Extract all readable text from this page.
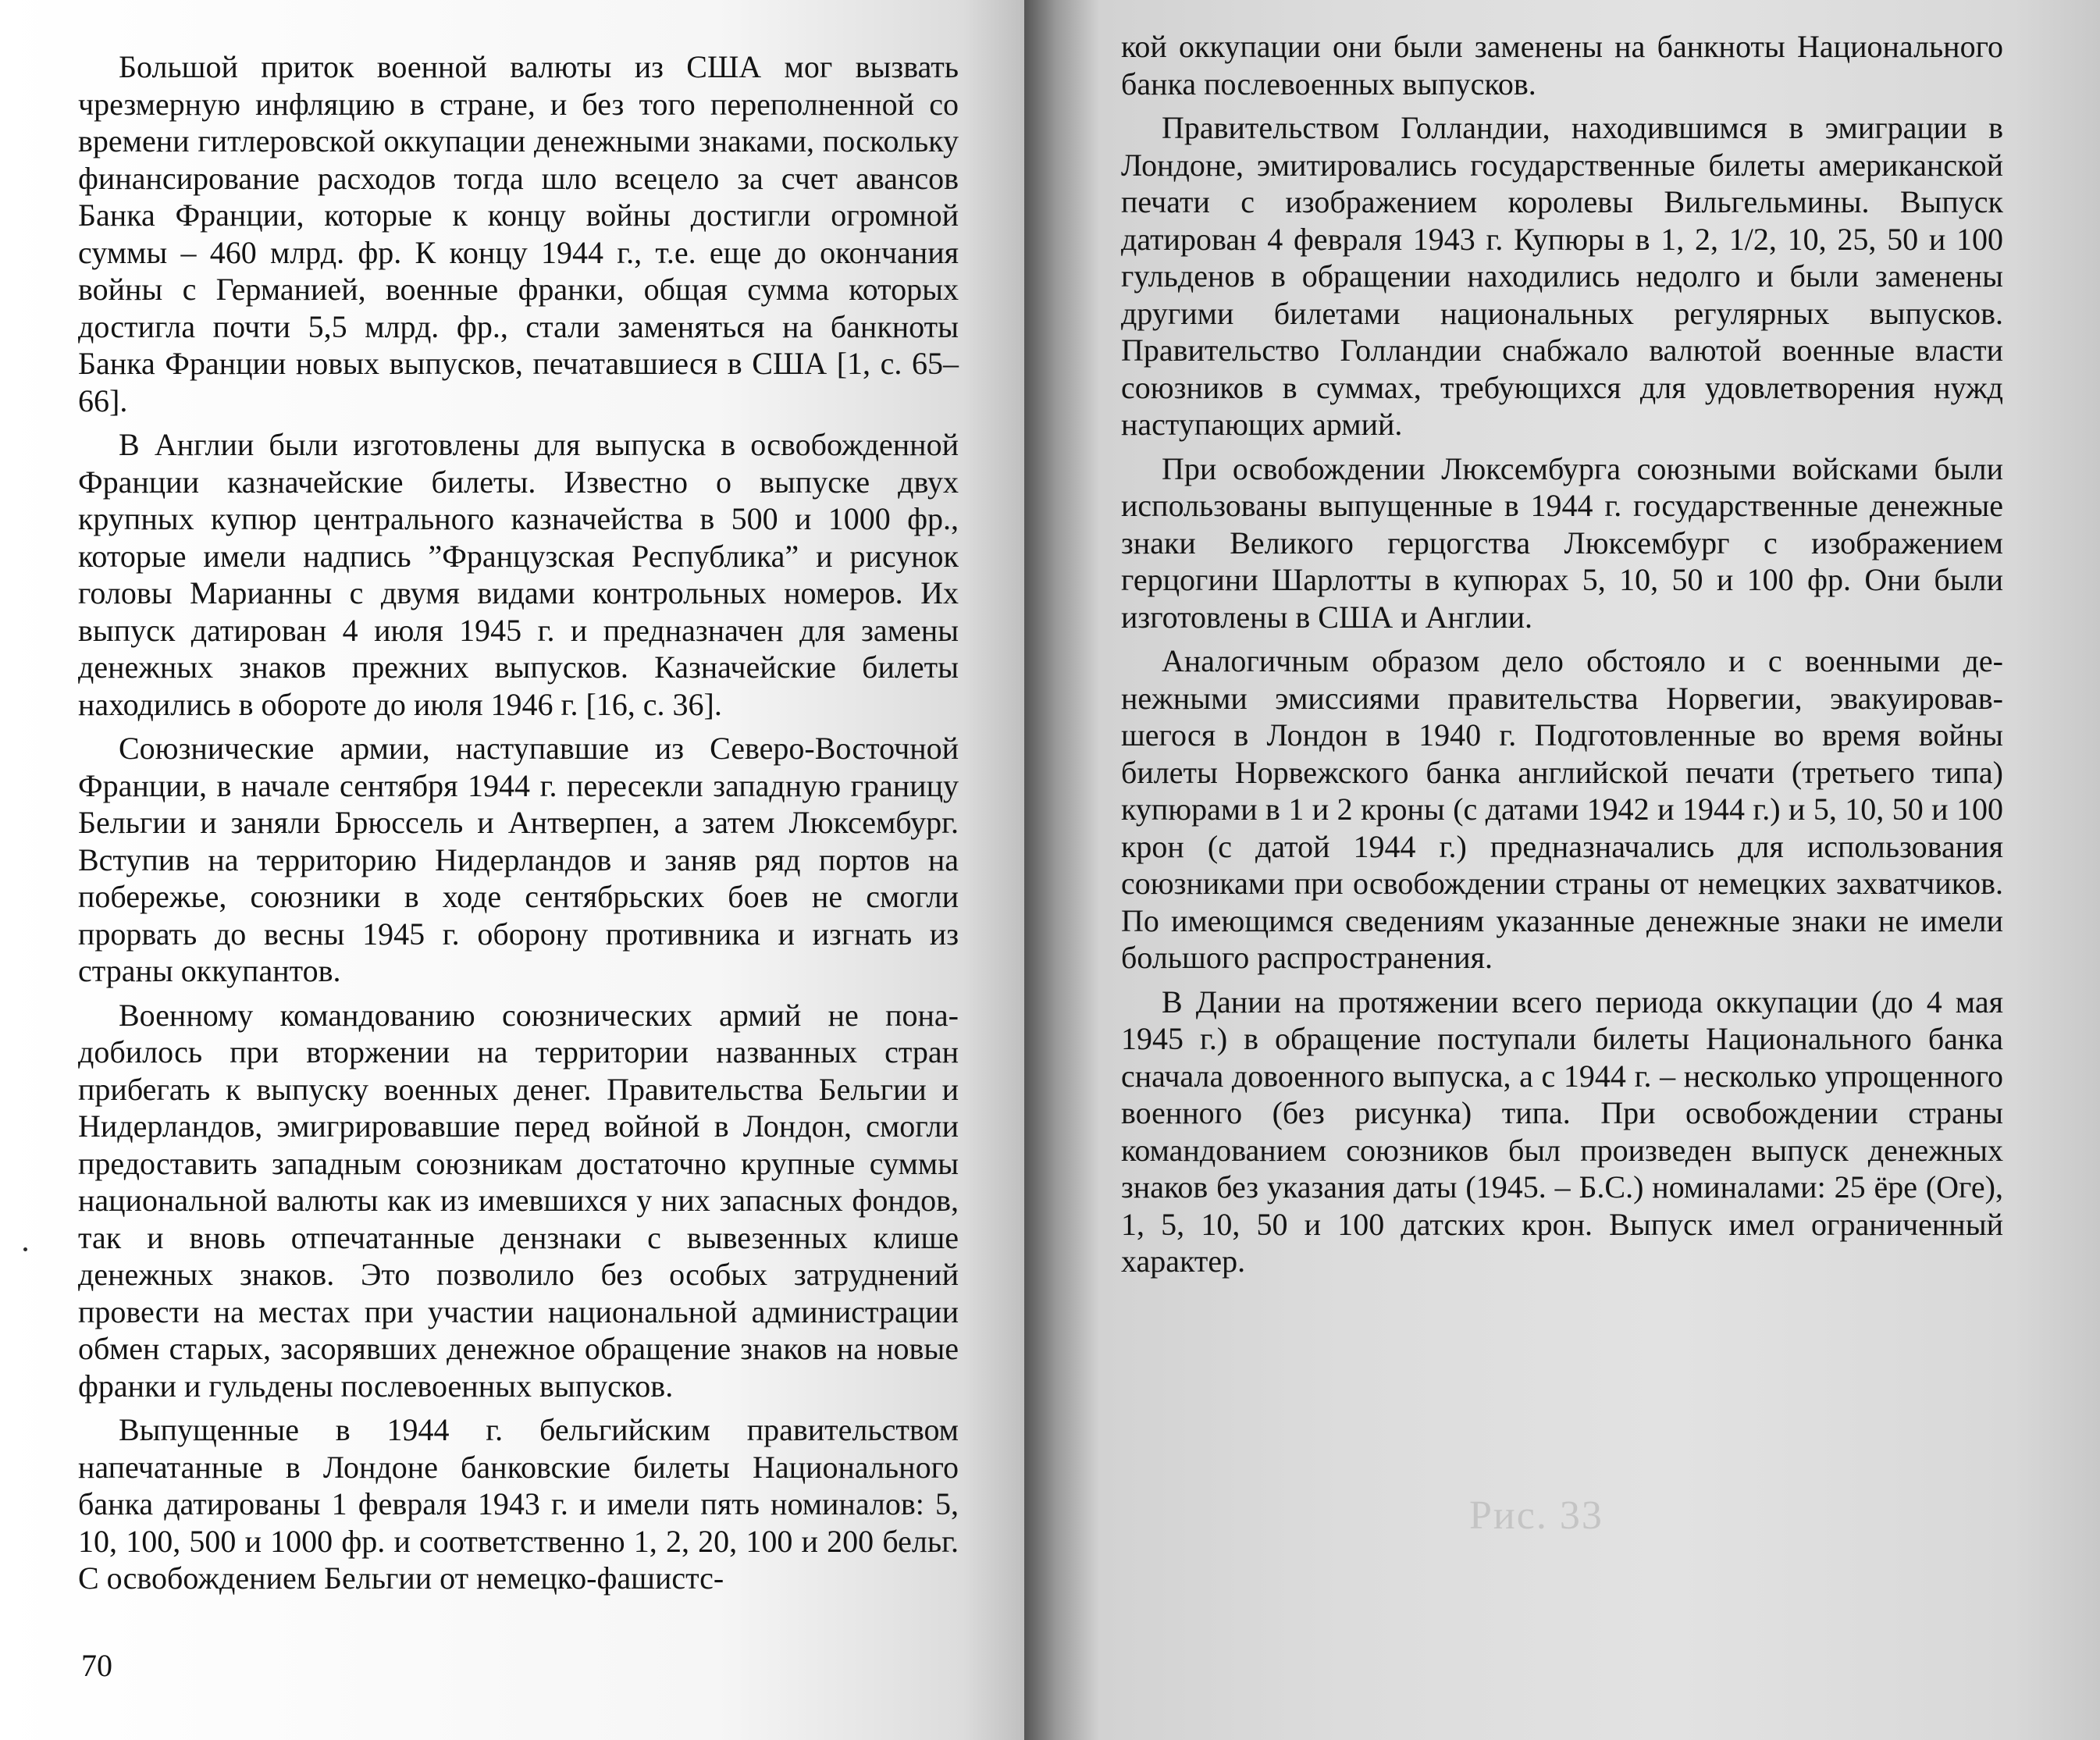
Большой приток военной валюты из США мог вызвать чрезмерную инфляцию в стране, и без того переполненной со времени гитлеровской оккупации денежными знаками, поскольку финансирование расходов тогда шло всецело за счет авансов Банка Франции, которые к концу войны достигли огромной суммы – 460 млрд. фр. К концу 1944 г., т.е. еще до окончания войны с Германией, военные франки, общая сумма которых достигла почти 5,5 млрд. фр., стали заменяться на банкноты Банка Франции новых выпусков, печатавшиеся в США [1, с. 65–66].

В Англии были изготовлены для выпуска в освобожденной Франции казначейские билеты. Известно о выпуске двух крупных купюр центрального казначейства в 500 и 1000 фр., которые имели надпись ”Французская Республика” и рисунок головы Марианны с двумя видами контрольных номеров. Их выпуск датирован 4 июля 1945 г. и предназначен для замены денежных знаков прежних выпусков. Казначейские билеты находились в обороте до июля 1946 г. [16, с. 36].

Союзнические армии, наступавшие из Северо-Восточной Франции, в начале сентября 1944 г. пересекли западную границу Бельгии и заняли Брюссель и Антверпен, а затем Люксембург. Вступив на территорию Нидерландов и заняв ряд портов на побережье, союзники в ходе сентябрьских боев не смогли прорвать до весны 1945 г. оборону противника и изгнать из страны оккупантов.

Военному командованию союзнических армий не понадобилось при вторжении на территории названных стран прибегать к выпуску военных денег. Правительства Бельгии и Нидерландов, эмигрировавшие перед войной в Лондон, смогли предоставить западным союзникам достаточно крупные суммы национальной валюты как из имевшихся у них запасных фондов, так и вновь отпечатанные дензнаки с вывезенных клише денежных знаков. Это позволило без особых затруднений провести на местах при участии национальной администрации обмен старых, засорявших денежное обращение знаков на новые франки и гульдены послевоенных выпусков.

Выпущенные в 1944 г. бельгийским правительством напечатанные в Лондоне банковские билеты Национального банка датированы 1 февраля 1943 г. и имели пять номиналов: 5, 10, 100, 500 и 1000 фр. и соответственно 1, 2, 20, 100 и 200 бельг. С освобождением Бельгии от немецко-фашистс-

70

кой оккупации они были заменены на банкноты Национального банка послевоенных выпусков.

Правительством Голландии, находившимся в эмиграции в Лондоне, эмитировались государственные билеты американской печати с изображением королевы Вильгельмины. Выпуск датирован 4 февраля 1943 г. Купюры в 1, 2, 1/2, 10, 25, 50 и 100 гульденов в обращении находились недолго и были заменены другими билетами национальных регулярных выпусков. Правительство Голландии снабжало валютой военные власти союзников в суммах, требующихся для удовлетворения нужд наступающих армий.

При освобождении Люксембурга союзными войсками были использованы выпущенные в 1944 г. государственные денежные знаки Великого герцогства Люксембург с изображением герцогини Шарлотты в купюрах 5, 10, 50 и 100 фр. Они были изготовлены в США и Англии.

Аналогичным образом дело обстояло и с военными денежными эмиссиями правительства Норвегии, эвакуировавшегося в Лондон в 1940 г. Подготовленные во время войны билеты Норвежского банка английской печати (третьего типа) купюрами в 1 и 2 кроны (с датами 1942 и 1944 г.) и 5, 10, 50 и 100 крон (с датой 1944 г.) предназначались для использования союзниками при освобождении страны от немецких захватчиков. По имеющимся сведениям указанные денежные знаки не имели большого распространения.

В Дании на протяжении всего периода оккупации (до 4 мая 1945 г.) в обращение поступали билеты Национального банка сначала довоенного выпуска, а с 1944 г. – несколько упрощенного военного (без рисунка) типа. При освобождении страны командованием союзников был произведен выпуск денежных знаков без указания даты (1945. – Б.С.) номиналами: 25 ёре (Оге), 1, 5, 10, 50 и 100 датских крон. Выпуск имел ограниченный характер.

Рис. 33
